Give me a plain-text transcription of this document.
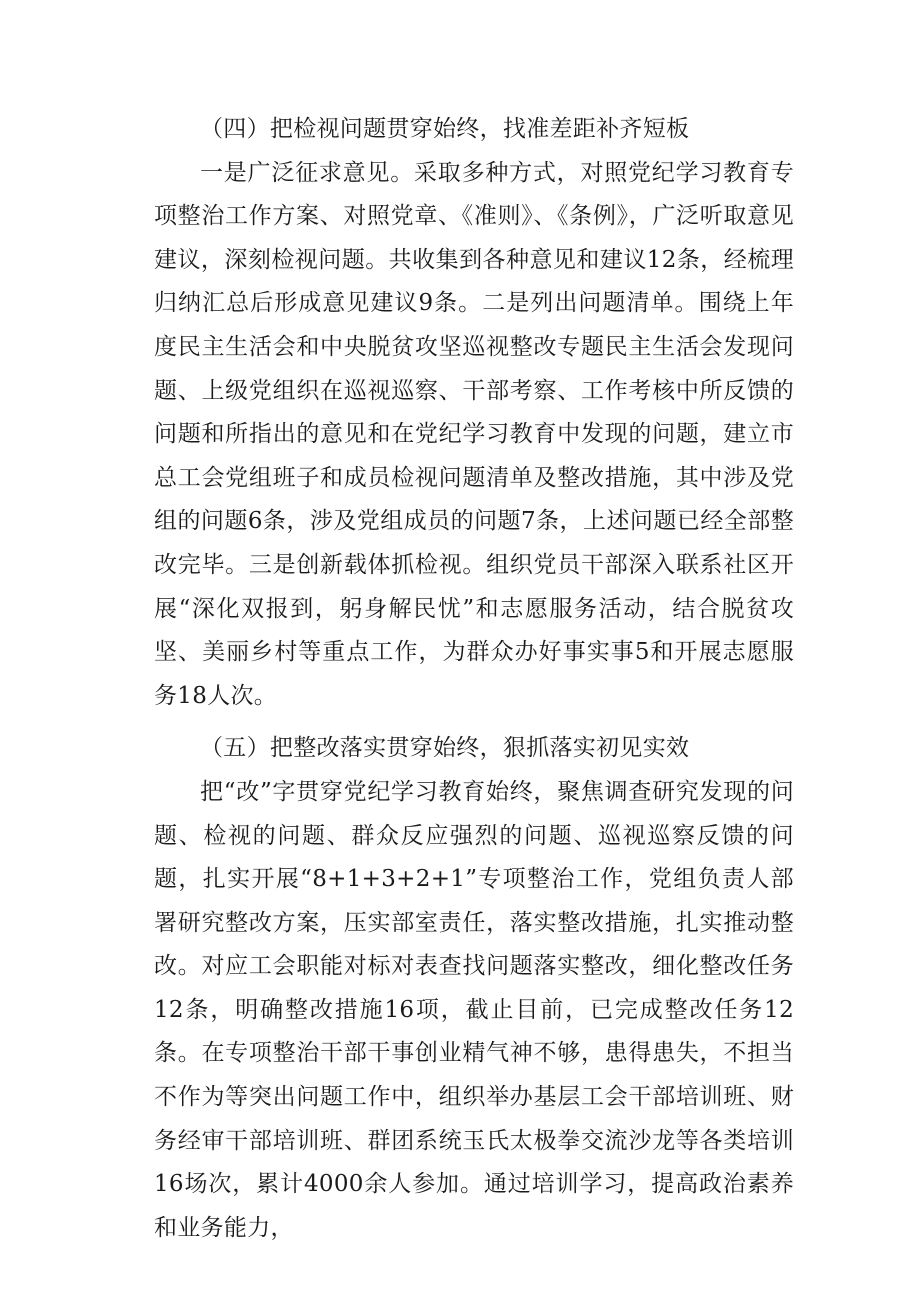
（四）把检视问题贯穿始终，找准差距补齐短板

一是广泛征求意见。采取多种方式，对照党纪学习教育专项整治工作方案、对照党章、《准则》、《条例》，广泛听取意见建议，深刻检视问题。共收集到各种意见和建议12条，经梳理归纳汇总后形成意见建议9条。二是列出问题清单。围绕上年度民主生活会和中央脱贫攻坚巡视整改专题民主生活会发现问题、上级党组织在巡视巡察、干部考察、工作考核中所反馈的问题和所指出的意见和在党纪学习教育中发现的问题，建立市总工会党组班子和成员检视问题清单及整改措施，其中涉及党组的问题6条，涉及党组成员的问题7条，上述问题已经全部整改完毕。三是创新载体抓检视。组织党员干部深入联系社区开展“深化双报到，躬身解民忧”和志愿服务活动，结合脱贫攻坚、美丽乡村等重点工作，为群众办好事实事5和开展志愿服务18人次。

（五）把整改落实贯穿始终，狠抓落实初见实效

把“改”字贯穿党纪学习教育始终，聚焦调查研究发现的问题、检视的问题、群众反应强烈的问题、巡视巡察反馈的问题，扎实开展“8+1+3+2+1”专项整治工作，党组负责人部署研究整改方案，压实部室责任，落实整改措施，扎实推动整改。对应工会职能对标对表查找问题落实整改，细化整改任务12条，明确整改措施16项，截止目前，已完成整改任务12条。在专项整治干部干事创业精气神不够，患得患失，不担当不作为等突出问题工作中，组织举办基层工会干部培训班、财务经审干部培训班、群团系统玉氏太极拳交流沙龙等各类培训16场次，累计4000余人参加。通过培训学习，提高政治素养和业务能力，
